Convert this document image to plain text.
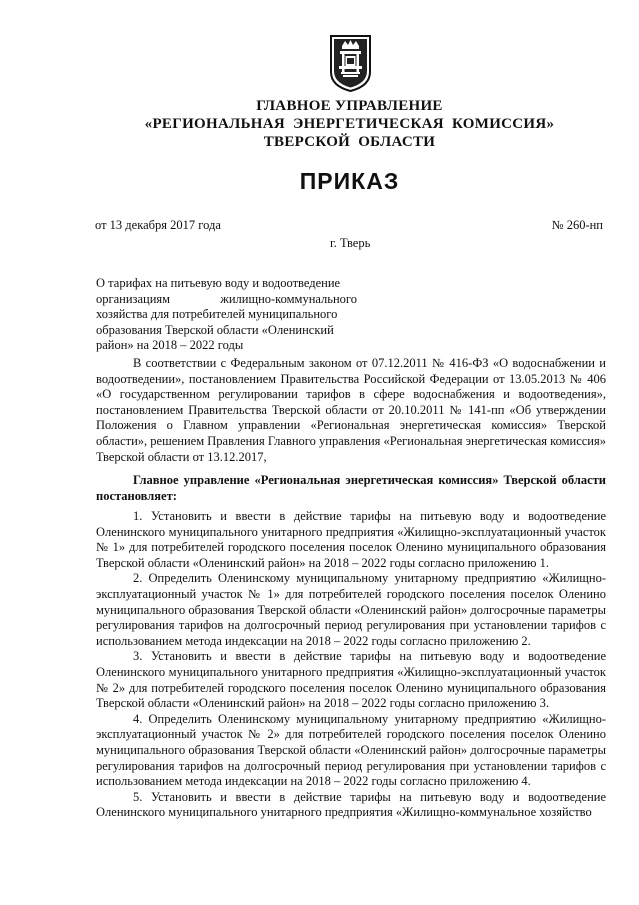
ГЛАВНОЕ УПРАВЛЕНИЕ
«РЕГИОНАЛЬНАЯ ЭНЕРГЕТИЧЕСКАЯ КОМИССИЯ»
ТВЕРСКОЙ ОБЛАСТИ
ПРИКАЗ
от 13 декабря 2017 года	№ 260-нп
г. Тверь
О тарифах на питьевую воду и водоотведение
организациям жилищно-коммунального
хозяйства для потребителей муниципального
образования Тверской области «Оленинский
район» на 2018 – 2022 годы

В соответствии с Федеральным законом от 07.12.2011 № 416-ФЗ «О водоснабжении и водоотведении», постановлением Правительства Российской Федерации от 13.05.2013 № 406 «О государственном регулировании тарифов в сфере водоснабжения и водоотведения», постановлением Правительства Тверской области от 20.10.2011 № 141-пп «Об утверждении Положения о Главном управлении «Региональная энергетическая комиссия» Тверской области», решением Правления Главного управления «Региональная энергетическая комиссия» Тверской области от 13.12.2017,

Главное управление «Региональная энергетическая комиссия» Тверской области постановляет:

1. Установить и ввести в действие тарифы на питьевую воду и водоотведение Оленинского муниципального унитарного предприятия «Жилищно-эксплуатационный участок № 1» для потребителей городского поселения поселок Оленино муниципального образования Тверской области «Оленинский район» на 2018 – 2022 годы согласно приложению 1.

2. Определить Оленинскому муниципальному унитарному предприятию «Жилищно-эксплуатационный участок № 1» для потребителей городского поселения поселок Оленино муниципального образования Тверской области «Оленинский район» долгосрочные параметры регулирования тарифов на долгосрочный период регулирования при установлении тарифов с использованием метода индексации на 2018 – 2022 годы согласно приложению 2.

3. Установить и ввести в действие тарифы на питьевую воду и водоотведение Оленинского муниципального унитарного предприятия «Жилищно-эксплуатационный участок № 2» для потребителей городского поселения поселок Оленино муниципального образования Тверской области «Оленинский район» на 2018 – 2022 годы согласно приложению 3.

4. Определить Оленинскому муниципальному унитарному предприятию «Жилищно-эксплуатационный участок № 2» для потребителей городского поселения поселок Оленино муниципального образования Тверской области «Оленинский район» долгосрочные параметры регулирования тарифов на долгосрочный период регулирования при установлении тарифов с использованием метода индексации на 2018 – 2022 годы согласно приложению 4.

5. Установить и ввести в действие тарифы на питьевую воду и водоотведение Оленинского муниципального унитарного предприятия «Жилищно-коммунальное хозяйство
